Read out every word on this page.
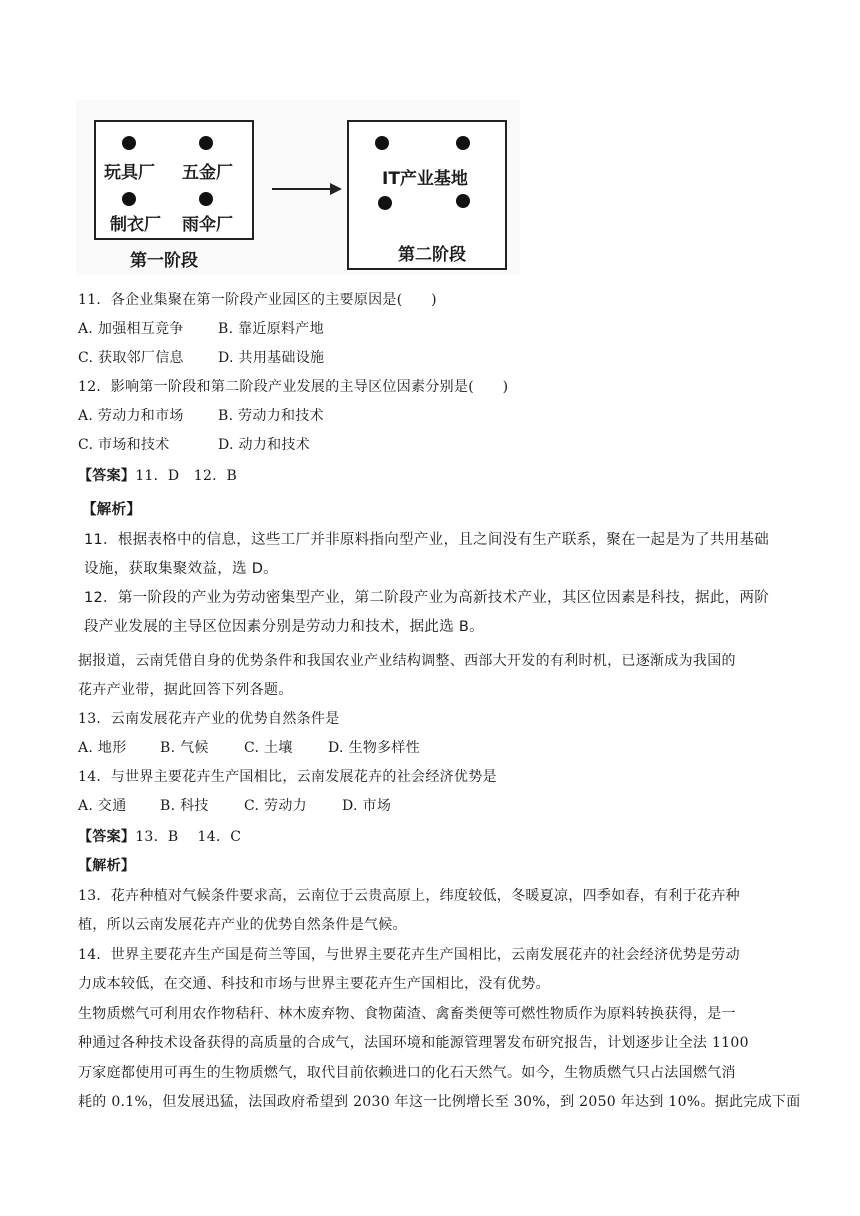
玩具厂 五金厂
制衣厂 雨伞厂
第一阶段
IT产业基地
第二阶段
11．各企业集聚在第一阶段产业园区的主要原因是(　　)
A. 加强相互竞争 B. 靠近原料产地
C. 获取邻厂信息 D. 共用基础设施
12．影响第一阶段和第二阶段产业发展的主导区位因素分别是(　　)
A. 劳动力和市场 B. 劳动力和技术
C. 市场和技术	D. 动力和技术
【答案】11．D　12．B
【解析】
11．根据表格中的信息，这些工厂并非原料指向型产业，且之间没有生产联系，聚在一起是为了共用基础
设施，获取集聚效益，选 D。
12．第一阶段的产业为劳动密集型产业，第二阶段产业为高新技术产业，其区位因素是科技，据此，两阶
段产业发展的主导区位因素分别是劳动力和技术，据此选 B。
据报道，云南凭借自身的优势条件和我国农业产业结构调整、西部大开发的有利时机，已逐渐成为我国的
花卉产业带，据此回答下列各题。
13．云南发展花卉产业的优势自然条件是
A. 地形 B. 气候	C. 土壤	D. 生物多样性
14．与世界主要花卉生产国相比，云南发展花卉的社会经济优势是
A. 交通 B. 科技	C. 劳动力	D. 市场
【答案】13．B　 14．C
【解析】
13．花卉种植对气候条件要求高，云南位于云贵高原上，纬度较低，冬暖夏凉，四季如春，有利于花卉种
植，所以云南发展花卉产业的优势自然条件是气候。
14．世界主要花卉生产国是荷兰等国，与世界主要花卉生产国相比，云南发展花卉的社会经济优势是劳动
力成本较低，在交通、科技和市场与世界主要花卉生产国相比，没有优势。
生物质燃气可利用农作物秸秆、林木废弃物、食物菌渣、禽畜类便等可燃性物质作为原料转换获得，是一
种通过各种技术设备获得的高质量的合成气，法国环境和能源管理署发布研究报告，计划逐步让全法 1100
万家庭都使用可再生的生物质燃气，取代目前依赖进口的化石天然气。如今，生物质燃气只占法国燃气消
耗的 0.1%，但发展迅猛，法国政府希望到 2030 年这一比例增长至 30%，到 2050 年达到 10%。据此完成下面
